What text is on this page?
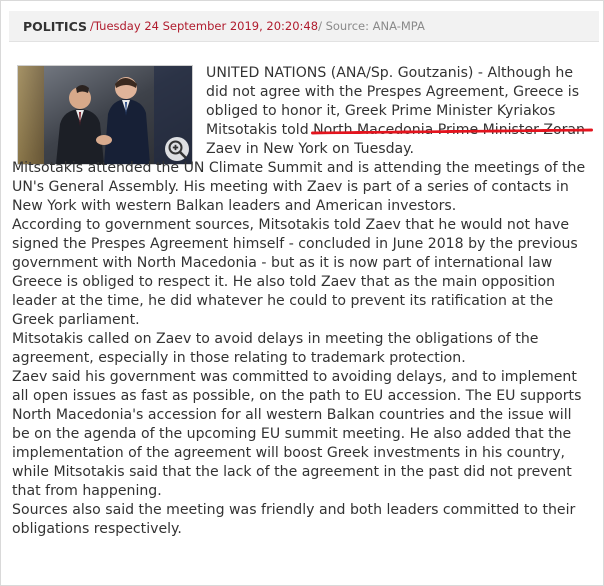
POLITICS / Tuesday 24 September 2019, 20:20:48 / Source: ANA-MPA

UNITED NATIONS (ANA/Sp. Goutzanis) - Although he did not agree with the Prespes Agreement, Greece is obliged to honor it, Greek Prime Minister Kyriakos Mitsotakis told North Macedonia Prime Minister Zoran Zaev in New York on Tuesday.

Mitsotakis attended the UN Climate Summit and is attending the meetings of the UN's General Assembly. His meeting with Zaev is part of a series of contacts in New York with western Balkan leaders and American investors.

According to government sources, Mitsotakis told Zaev that he would not have signed the Prespes Agreement himself - concluded in June 2018 by the previous government with North Macedonia - but as it is now part of international law Greece is obliged to respect it. He also told Zaev that as the main opposition leader at the time, he did whatever he could to prevent its ratification at the Greek parliament.

Mitsotakis called on Zaev to avoid delays in meeting the obligations of the agreement, especially in those relating to trademark protection.

Zaev said his government was committed to avoiding delays, and to implement all open issues as fast as possible, on the path to EU accession. The EU supports North Macedonia's accession for all western Balkan countries and the issue will be on the agenda of the upcoming EU summit meeting. He also added that the implementation of the agreement will boost Greek investments in his country, while Mitsotakis said that the lack of the agreement in the past did not prevent that from happening.

Sources also said the meeting was friendly and both leaders committed to their obligations respectively.
